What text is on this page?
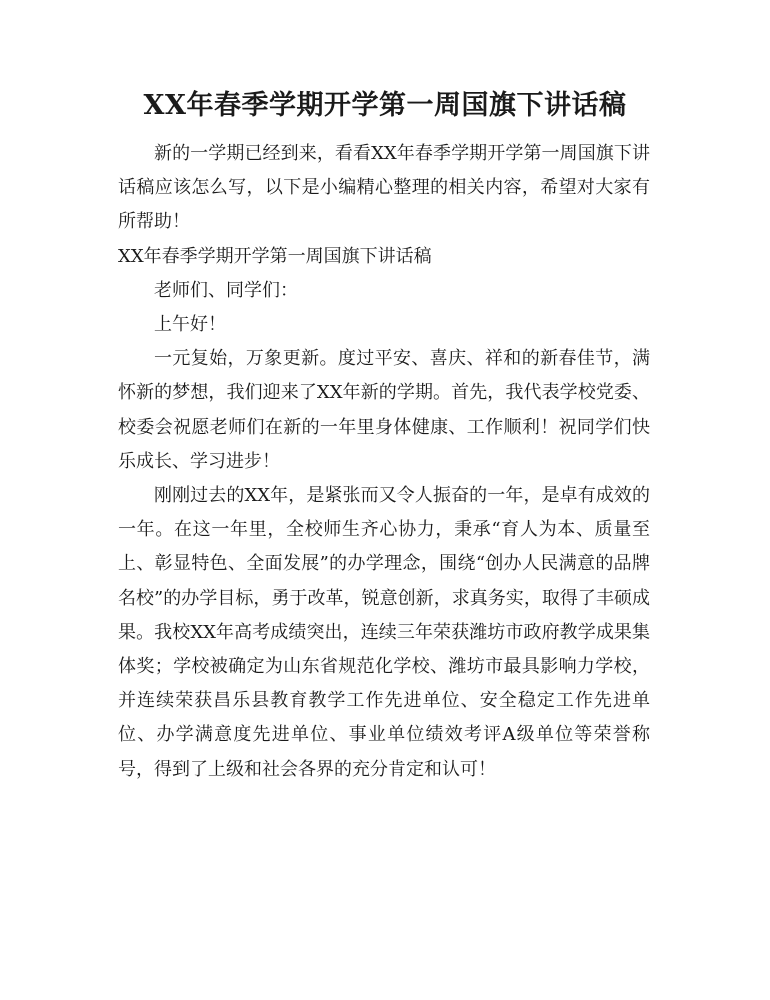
XX年春季学期开学第一周国旗下讲话稿

新的一学期已经到来，看看XX年春季学期开学第一周国旗下讲话稿应该怎么写，以下是小编精心整理的相关内容，希望对大家有所帮助！

XX年春季学期开学第一周国旗下讲话稿

老师们、同学们：

上午好！

一元复始，万象更新。度过平安、喜庆、祥和的新春佳节，满怀新的梦想，我们迎来了XX年新的学期。首先，我代表学校党委、校委会祝愿老师们在新的一年里身体健康、工作顺利！祝同学们快乐成长、学习进步！

刚刚过去的XX年，是紧张而又令人振奋的一年，是卓有成效的一年。在这一年里，全校师生齐心协力，秉承“育人为本、质量至上、彰显特色、全面发展”的办学理念，围绕“创办人民满意的品牌名校”的办学目标，勇于改革，锐意创新，求真务实，取得了丰硕成果。我校XX年高考成绩突出，连续三年荣获潍坊市政府教学成果集体奖；学校被确定为山东省规范化学校、潍坊市最具影响力学校，并连续荣获昌乐县教育教学工作先进单位、安全稳定工作先进单位、办学满意度先进单位、事业单位绩效考评A级单位等荣誉称号，得到了上级和社会各界的充分肯定和认可！
